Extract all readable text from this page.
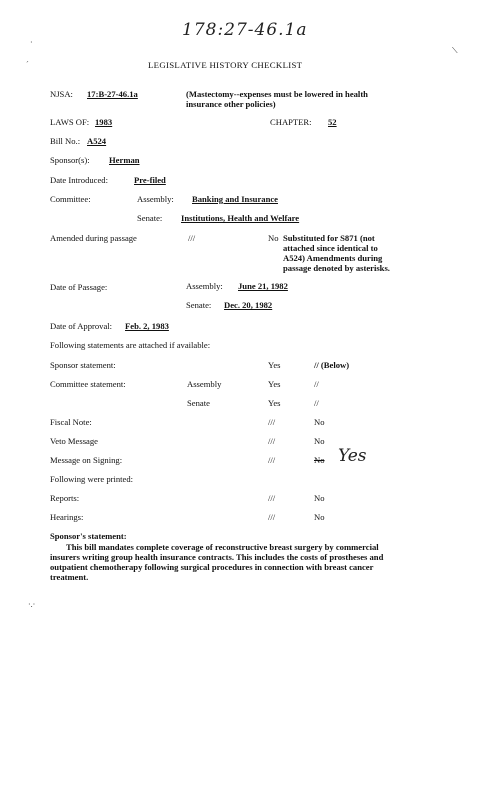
178:27-46.1a
·
ˊ
⟍
·.·
LEGISLATIVE HISTORY CHECKLIST
NJSA: 17:B-27-46.1a	(Mastectomy--expenses must be lowered in health insurance other policies)
LAWS OF: 1983	CHAPTER: 52
Bill No.: A524
Sponsor(s): Herman
Date Introduced:	Pre-filed
Committee:	Assembly: Banking and Insurance
Senate: Institutions, Health and Welfare
Amended during passage	///	No Substituted for S871 (not attached since identical to A524) Amendments during passage denoted by asterisks.
Date of Passage:	Assembly: June 21, 1982
Senate: Dec. 20, 1982
Date of Approval: Feb. 2, 1983
Following statements are attached if available:
Sponsor statement:	Yes	// (Below)
Committee statement:	Assembly	Yes	//
Senate	Yes	//
Fiscal Note:	///	No
Veto Message	///	No
Message on Signing:	///	No Yes
Following were printed:
Reports:	///	No
Hearings:	///	No
Sponsor's statement:
This bill mandates complete coverage of reconstructive breast surgery by commercial insurers writing group health insurance contracts. This includes the costs of prostheses and outpatient chemotherapy following surgical procedures in connection with breast cancer treatment.
